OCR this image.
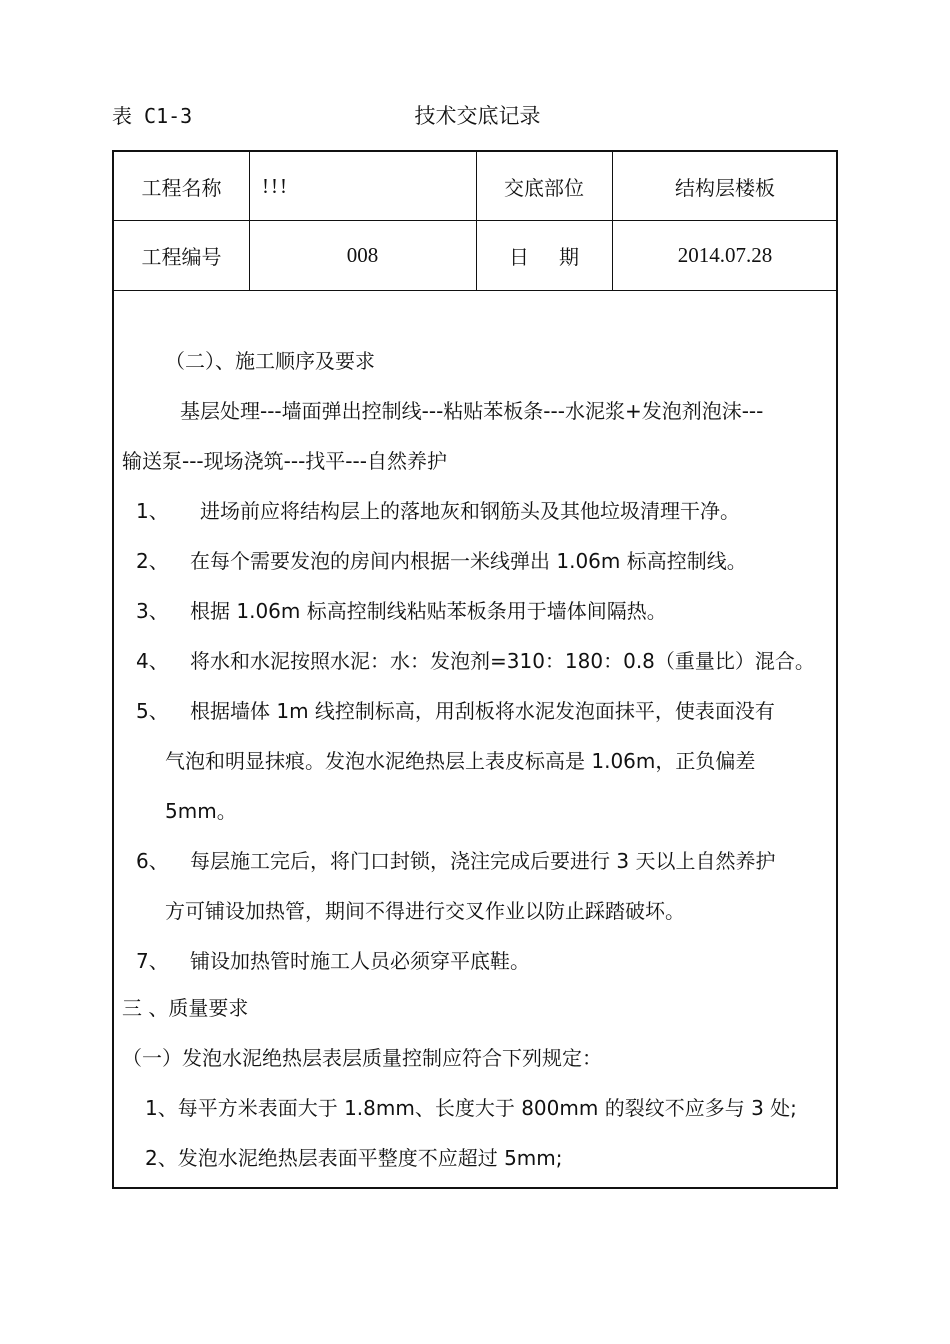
表 C1-3	技术交底记录
工程名称	!!!	交底部位	结构层楼板
工程编号	008	日期	2014.07.28
（二）、施工顺序及要求
基层处理---墙面弹出控制线---粘贴苯板条---水泥浆+发泡剂泡沫---
输送泵---现场浇筑---找平---自然养护
1、 进场前应将结构层上的落地灰和钢筋头及其他垃圾清理干净。
2、 在每个需要发泡的房间内根据一米线弹出 1.06m 标高控制线。
3、 根据 1.06m 标高控制线粘贴苯板条用于墙体间隔热。
4、 将水和水泥按照水泥：水：发泡剂=310：180：0.8（重量比）混合。
5、 根据墙体 1m 线控制标高，用刮板将水泥发泡面抹平，使表面没有
气泡和明显抹痕。发泡水泥绝热层上表皮标高是 1.06m，正负偏差
5mm。
6、 每层施工完后，将门口封锁，浇注完成后要进行 3 天以上自然养护
方可铺设加热管，期间不得进行交叉作业以防止踩踏破坏。
7、 铺设加热管时施工人员必须穿平底鞋。
三 、质量要求
（一）发泡水泥绝热层表层质量控制应符合下列规定：
1、每平方米表面大于 1.8mm、长度大于 800mm 的裂纹不应多与 3 处;
2、发泡水泥绝热层表面平整度不应超过 5mm;
